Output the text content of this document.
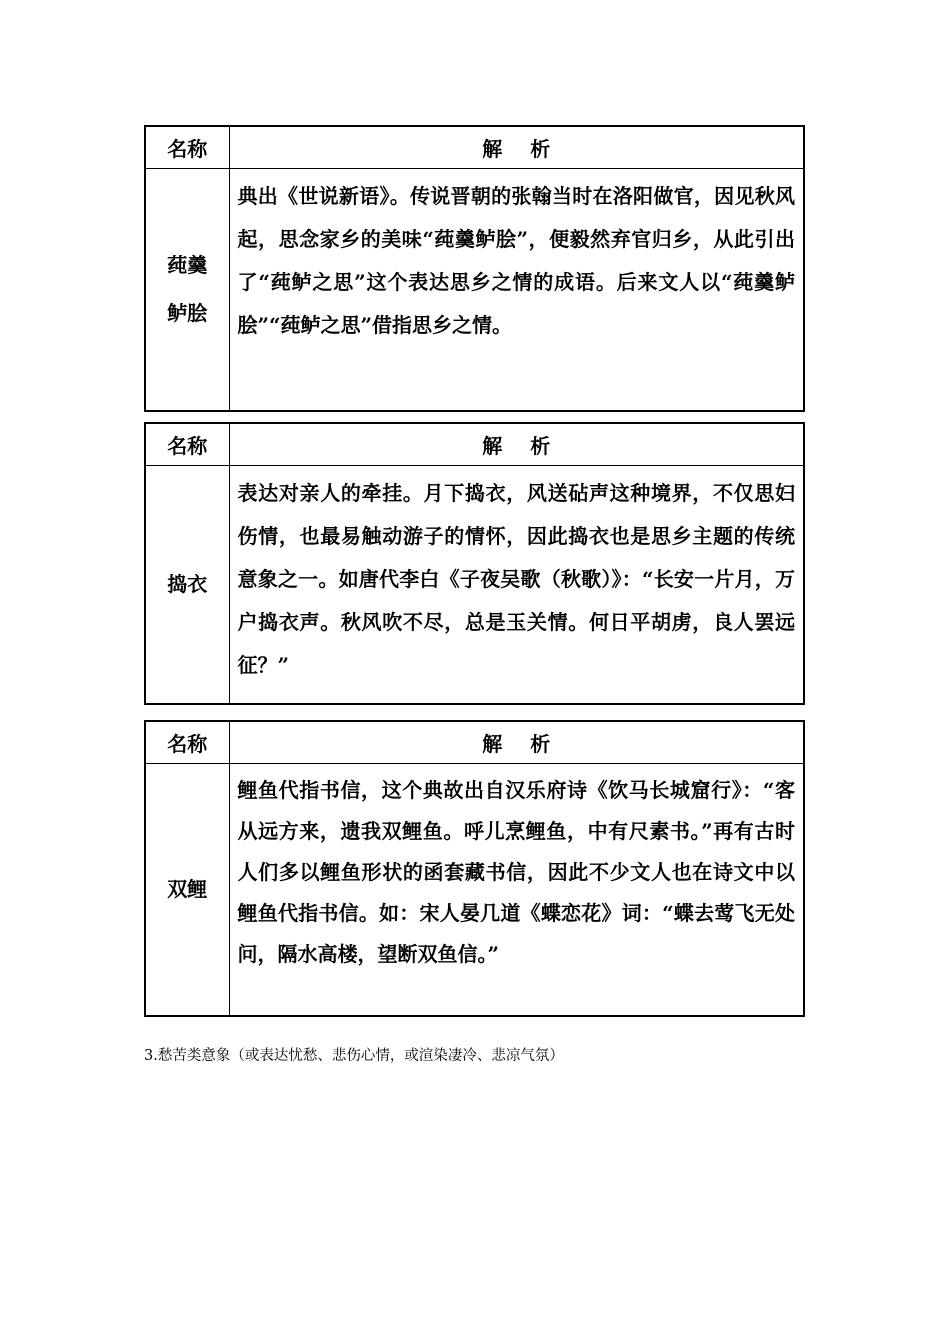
名称	解析

莼羹
鲈脍	典出《世说新语》。传说晋朝的张翰当时在洛阳做官，因见秋风起，思念家乡的美味“莼羹鲈脍”，便毅然弃官归乡，从此引出了“莼鲈之思”这个表达思乡之情的成语。后来文人以“莼羹鲈脍”“莼鲈之思”借指思乡之情。
名称	解析

捣衣	表达对亲人的牵挂。月下捣衣，风送砧声这种境界，不仅思妇伤情，也最易触动游子的情怀，因此捣衣也是思乡主题的传统意象之一。如唐代李白《子夜吴歌（秋歌）》：“长安一片月，万户捣衣声。秋风吹不尽，总是玉关情。何日平胡虏，良人罢远征？”
名称	解析

双鲤	鲤鱼代指书信，这个典故出自汉乐府诗《饮马长城窟行》：“客从远方来，遗我双鲤鱼。呼儿烹鲤鱼，中有尺素书。”再有古时人们多以鲤鱼形状的函套藏书信，因此不少文人也在诗文中以鲤鱼代指书信。如：宋人晏几道《蝶恋花》词：“蝶去莺飞无处问，隔水高楼，望断双鱼信。”
3.愁苦类意象（或表达忧愁、悲伤心情，或渲染凄冷、悲凉气氛）
